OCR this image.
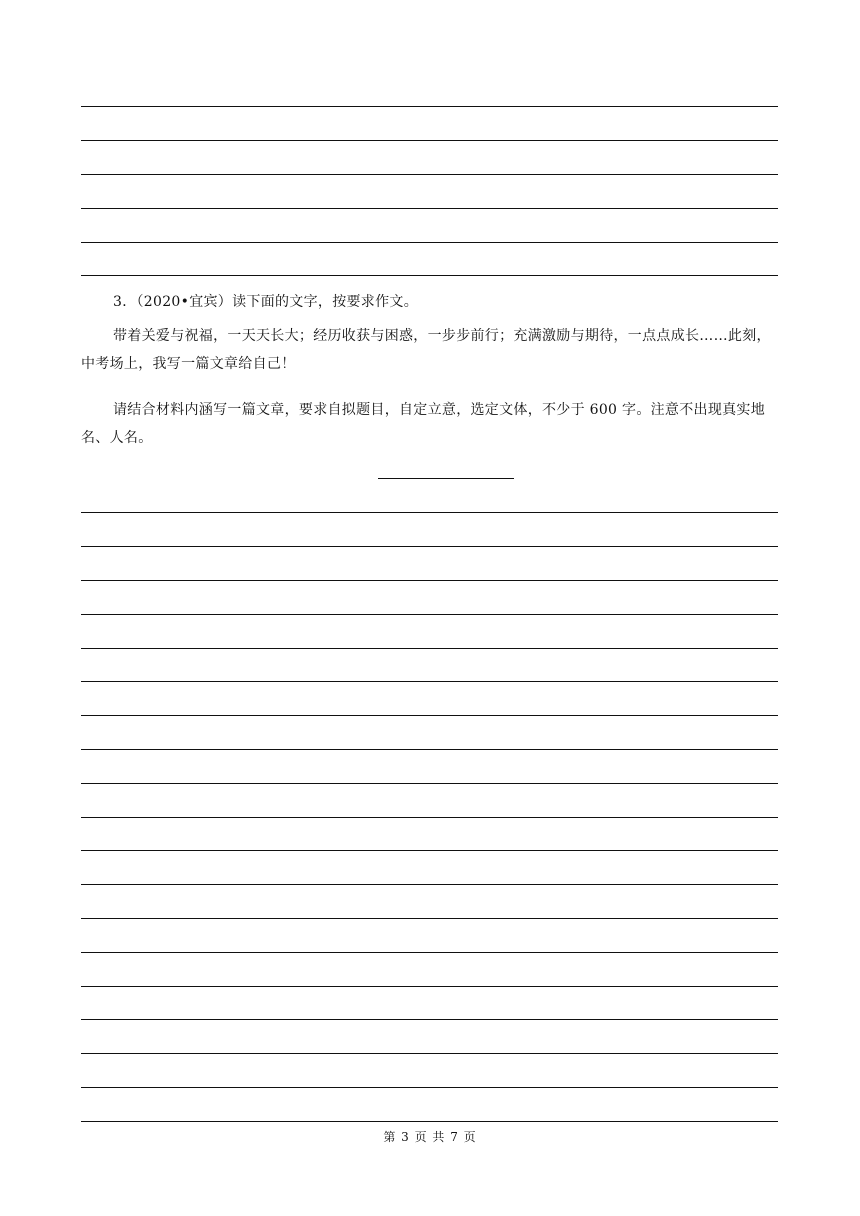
3．（2020•宜宾）读下面的文字，按要求作文。
带着关爱与祝福，一天天长大；经历收获与困惑，一步步前行；充满激励与期待，一点点成长……此刻，中考场上，我写一篇文章给自己！
请结合材料内涵写一篇文章，要求自拟题目，自定立意，选定文体，不少于 600 字。注意不出现真实地名、人名。
第 3 页 共 7 页
